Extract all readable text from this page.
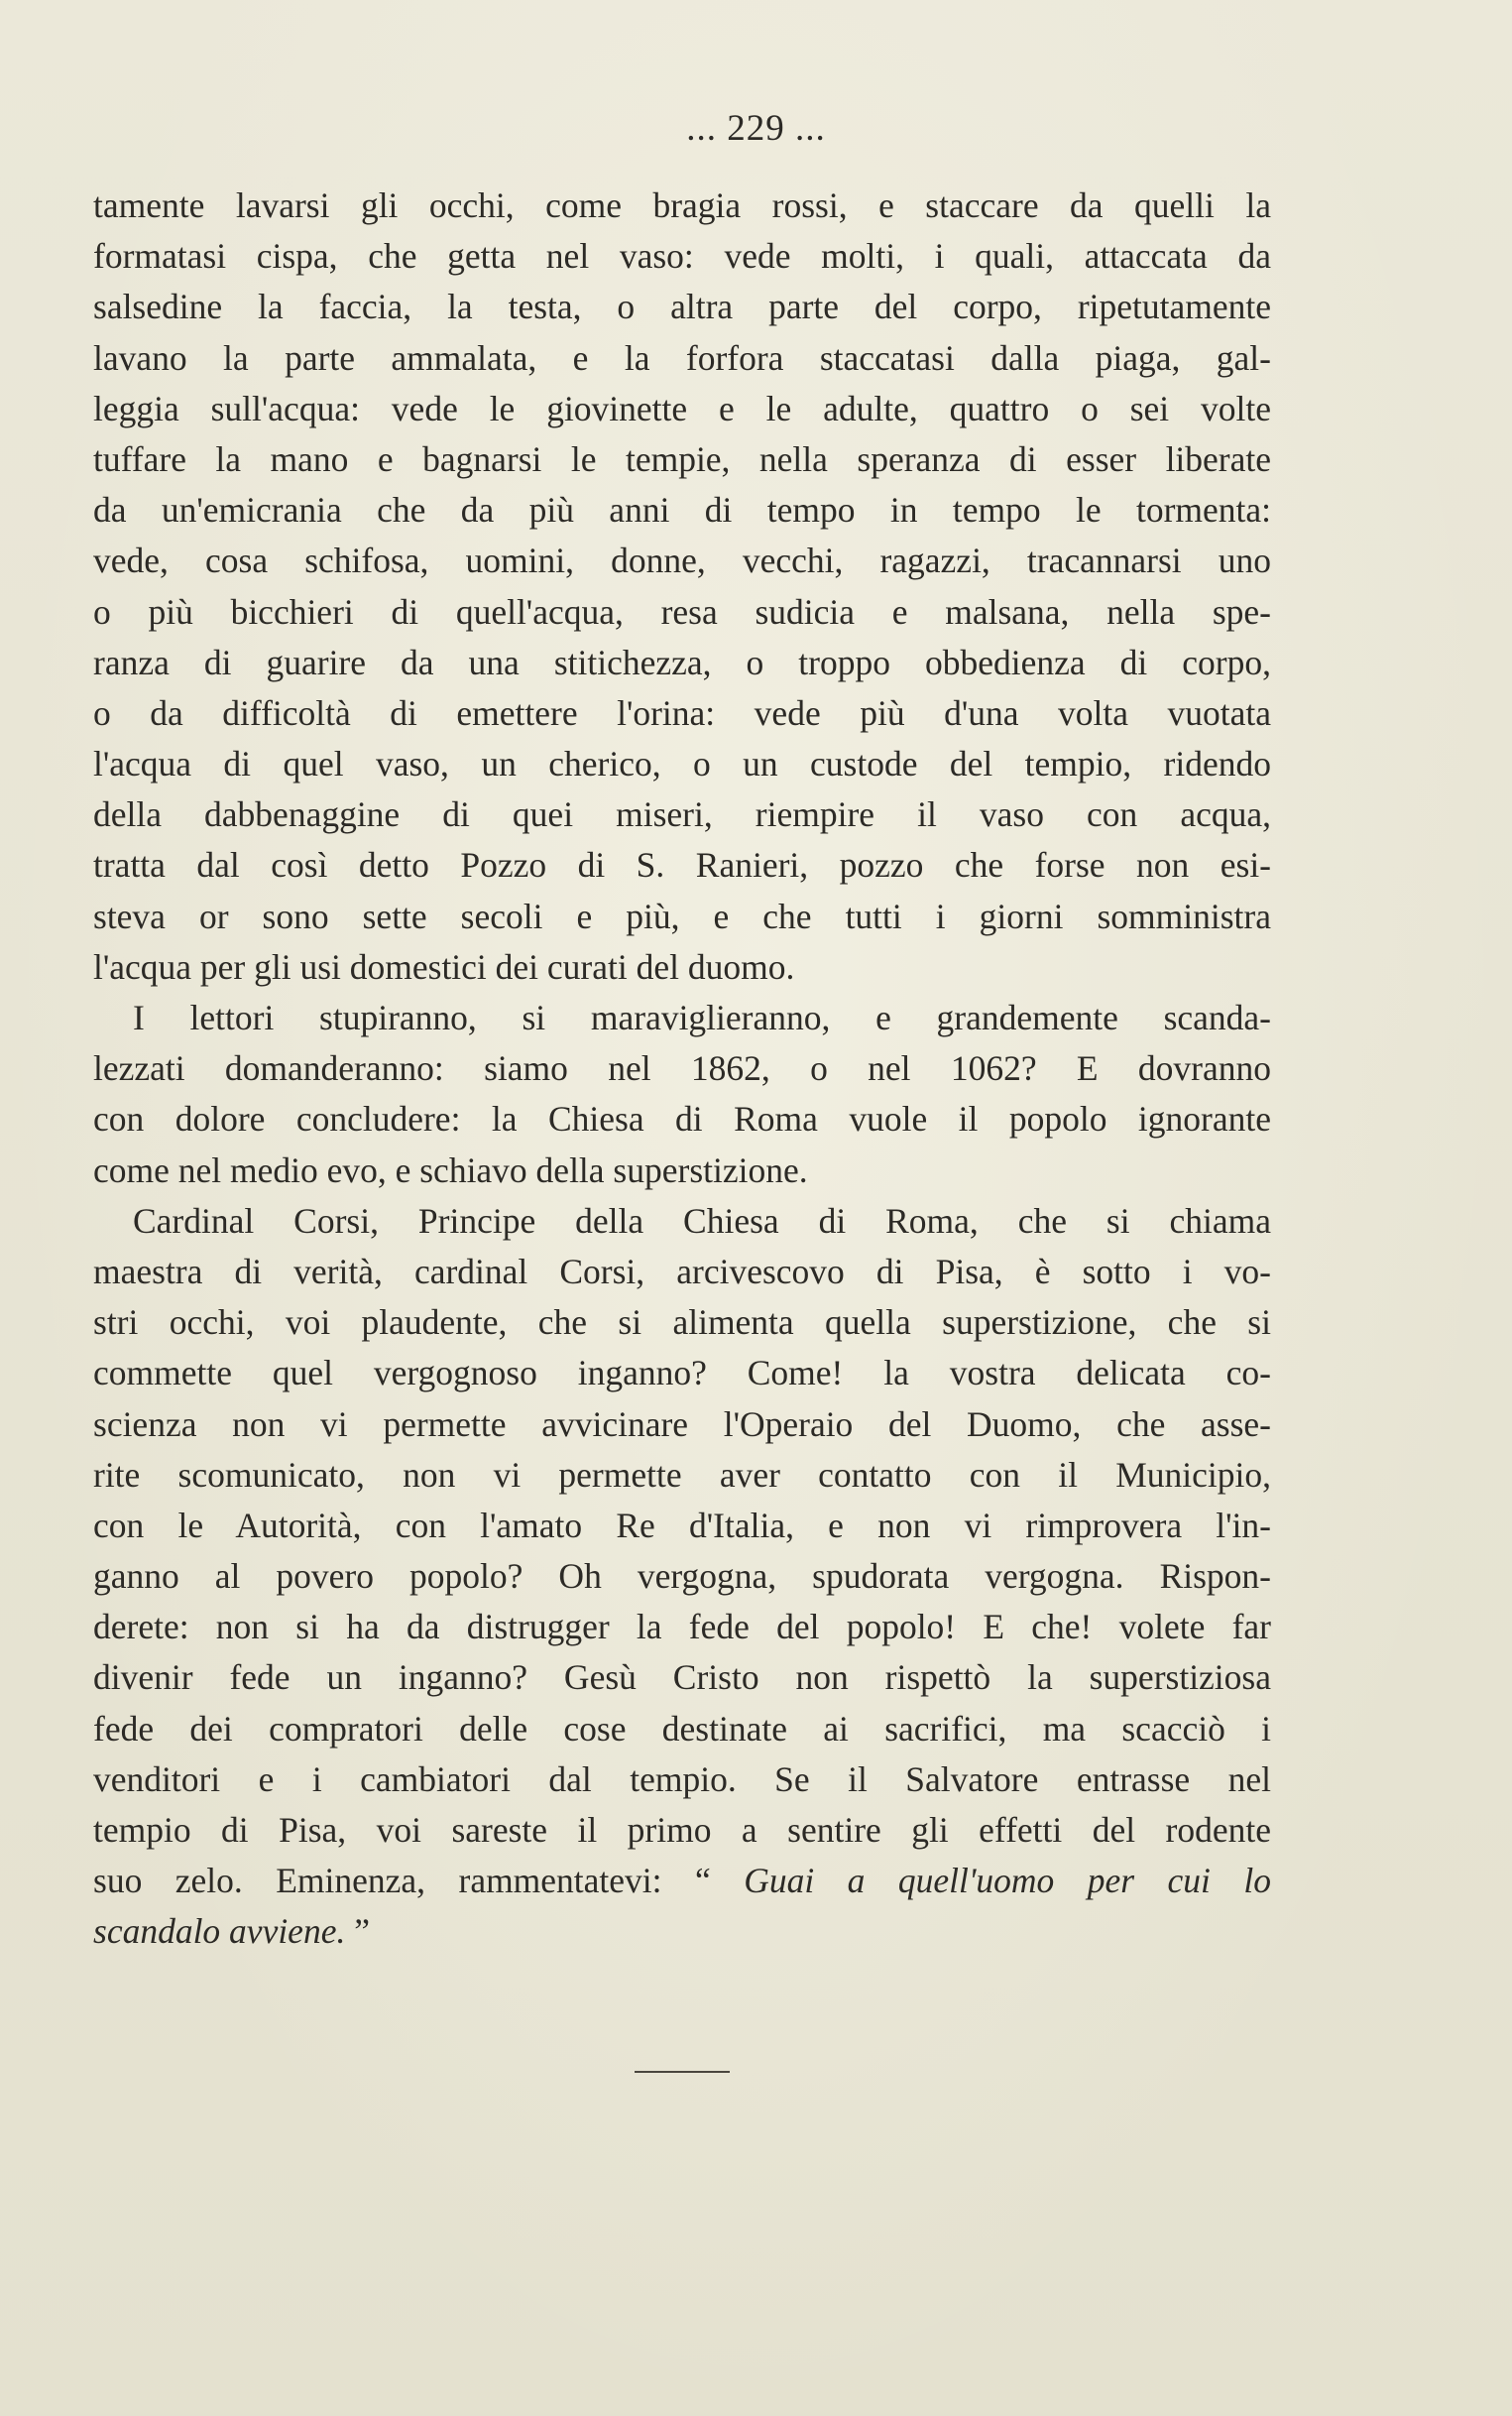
... 229 ...
tamente lavarsi gli occhi, come bragia rossi, e staccare da quelli la
formatasi cispa, che getta nel vaso: vede molti, i quali, attaccata da
salsedine la faccia, la testa, o altra parte del corpo, ripetutamente
lavano la parte ammalata, e la forfora staccatasi dalla piaga, gal-
leggia sull'acqua: vede le giovinette e le adulte, quattro o sei volte
tuffare la mano e bagnarsi le tempie, nella speranza di esser liberate
da un'emicrania che da più anni di tempo in tempo le tormenta:
vede, cosa schifosa, uomini, donne, vecchi, ragazzi, tracannarsi uno
o più bicchieri di quell'acqua, resa sudicia e malsana, nella spe-
ranza di guarire da una stitichezza, o troppo obbedienza di corpo,
o da difficoltà di emettere l'orina: vede più d'una volta vuotata
l'acqua di quel vaso, un cherico, o un custode del tempio, ridendo
della dabbenaggine di quei miseri, riempire il vaso con acqua,
tratta dal così detto Pozzo di S. Ranieri, pozzo che forse non esi-
steva or sono sette secoli e più, e che tutti i giorni somministra
l'acqua per gli usi domestici dei curati del duomo.
I lettori stupiranno, si maraviglieranno, e grandemente scanda-
lezzati domanderanno: siamo nel 1862, o nel 1062? E dovranno
con dolore concludere: la Chiesa di Roma vuole il popolo ignorante
come nel medio evo, e schiavo della superstizione.
Cardinal Corsi, Principe della Chiesa di Roma, che si chiama
maestra di verità, cardinal Corsi, arcivescovo di Pisa, è sotto i vo-
stri occhi, voi plaudente, che si alimenta quella superstizione, che si
commette quel vergognoso inganno? Come! la vostra delicata co-
scienza non vi permette avvicinare l'Operaio del Duomo, che asse-
rite scomunicato, non vi permette aver contatto con il Municipio,
con le Autorità, con l'amato Re d'Italia, e non vi rimprovera l'in-
ganno al povero popolo? Oh vergogna, spudorata vergogna. Rispon-
derete: non si ha da distrugger la fede del popolo! E che! volete far
divenir fede un inganno? Gesù Cristo non rispettò la superstiziosa
fede dei compratori delle cose destinate ai sacrifici, ma scacciò i
venditori e i cambiatori dal tempio. Se il Salvatore entrasse nel
tempio di Pisa, voi sareste il primo a sentire gli effetti del rodente
suo zelo. Eminenza, rammentatevi: “ Guai a quell'uomo per cui lo
scandalo avviene. ”
